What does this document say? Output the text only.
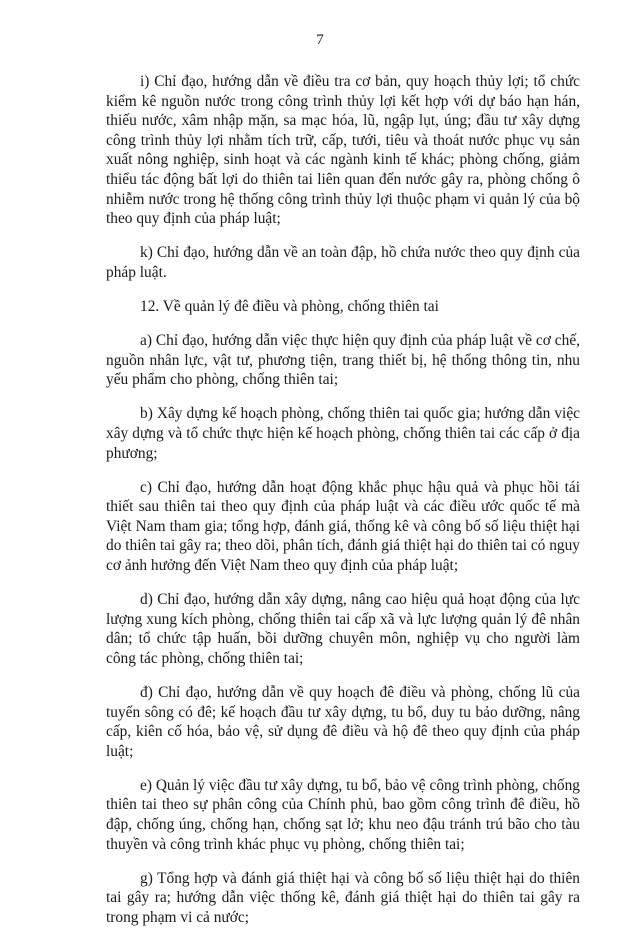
7

i) Chỉ đạo, hướng dẫn về điều tra cơ bản, quy hoạch thủy lợi; tổ chức kiểm kê nguồn nước trong công trình thủy lợi kết hợp với dự báo hạn hán, thiếu nước, xâm nhập mặn, sa mạc hóa, lũ, ngập lụt, úng; đầu tư xây dựng công trình thủy lợi nhằm tích trữ, cấp, tưới, tiêu và thoát nước phục vụ sản xuất nông nghiệp, sinh hoạt và các ngành kinh tế khác; phòng chống, giảm thiểu tác động bất lợi do thiên tai liên quan đến nước gây ra, phòng chống ô nhiễm nước trong hệ thống công trình thủy lợi thuộc phạm vi quản lý của bộ theo quy định của pháp luật;

k) Chỉ đạo, hướng dẫn về an toàn đập, hồ chứa nước theo quy định của pháp luật.

12. Về quản lý đê điều và phòng, chống thiên tai

a) Chỉ đạo, hướng dẫn việc thực hiện quy định của pháp luật về cơ chế, nguồn nhân lực, vật tư, phương tiện, trang thiết bị, hệ thống thông tin, nhu yếu phẩm cho phòng, chống thiên tai;

b) Xây dựng kế hoạch phòng, chống thiên tai quốc gia; hướng dẫn việc xây dựng và tổ chức thực hiện kế hoạch phòng, chống thiên tai các cấp ở địa phương;

c) Chỉ đạo, hướng dẫn hoạt động khắc phục hậu quả và phục hồi tái thiết sau thiên tai theo quy định của pháp luật và các điều ước quốc tế mà Việt Nam tham gia; tổng hợp, đánh giá, thống kê và công bố số liệu thiệt hại do thiên tai gây ra; theo dõi, phân tích, đánh giá thiệt hại do thiên tai có nguy cơ ảnh hưởng đến Việt Nam theo quy định của pháp luật;

d) Chỉ đạo, hướng dẫn xây dựng, nâng cao hiệu quả hoạt động của lực lượng xung kích phòng, chống thiên tai cấp xã và lực lượng quản lý đê nhân dân; tổ chức tập huấn, bồi dưỡng chuyên môn, nghiệp vụ cho người làm công tác phòng, chống thiên tai;

đ) Chỉ đạo, hướng dẫn về quy hoạch đê điều và phòng, chống lũ của tuyến sông có đê; kế hoạch đầu tư xây dựng, tu bổ, duy tu bảo dưỡng, nâng cấp, kiên cố hóa, bảo vệ, sử dụng đê điều và hộ đê theo quy định của pháp luật;

e) Quản lý việc đầu tư xây dựng, tu bổ, bảo vệ công trình phòng, chống thiên tai theo sự phân công của Chính phủ, bao gồm công trình đê điều, hồ đập, chống úng, chống hạn, chống sạt lở; khu neo đậu tránh trú bão cho tàu thuyền và công trình khác phục vụ phòng, chống thiên tai;

g) Tổng hợp và đánh giá thiệt hại và công bố số liệu thiệt hại do thiên tai gây ra; hướng dẫn việc thống kê, đánh giá thiệt hại do thiên tai gây ra trong phạm vi cả nước;
